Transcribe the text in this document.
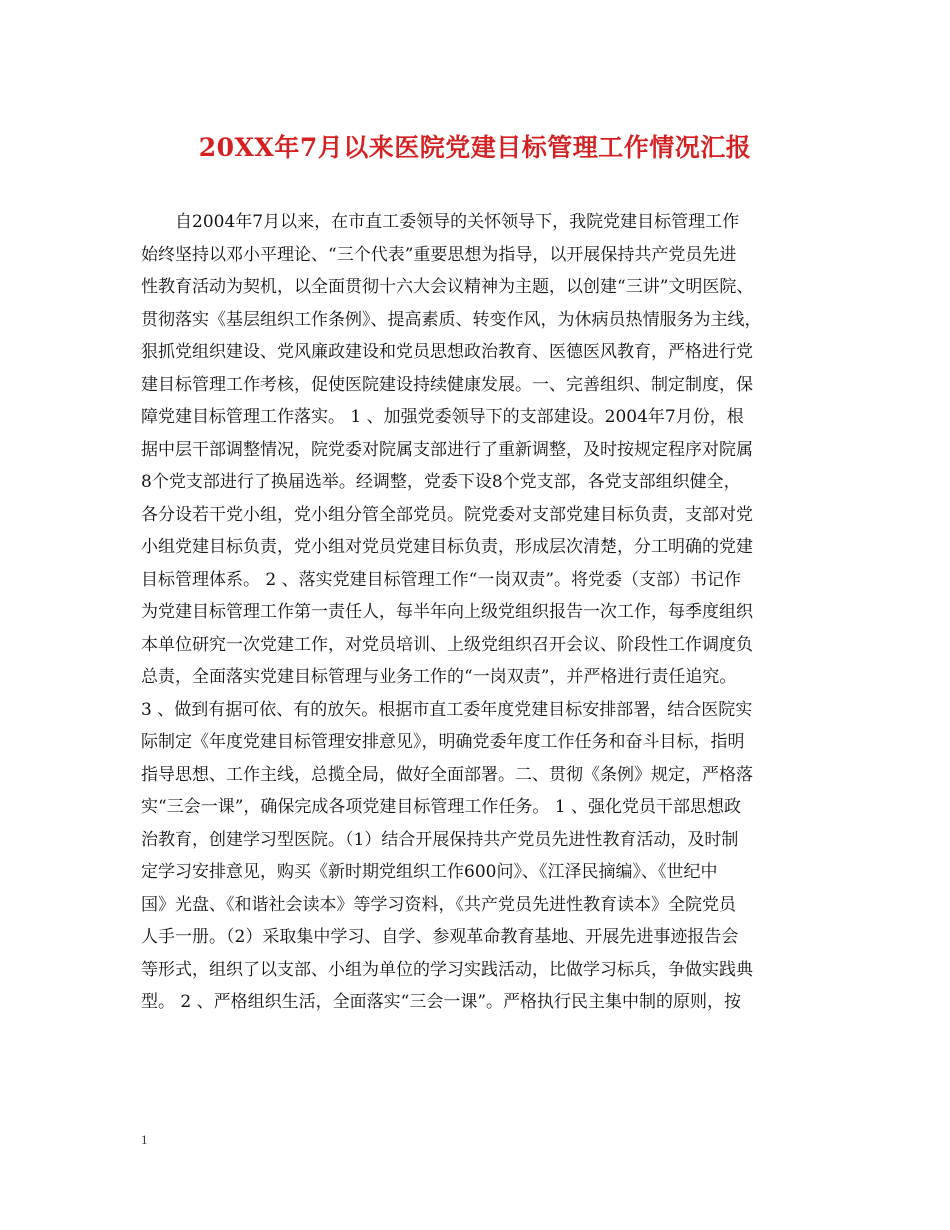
20XX年7月以来医院党建目标管理工作情况汇报
自2004年7月以来，在市直工委领导的关怀领导下，我院党建目标管理工作
始终坚持以邓小平理论、“三个代表”重要思想为指导，以开展保持共产党员先进
性教育活动为契机，以全面贯彻十六大会议精神为主题，以创建“三讲”文明医院、
贯彻落实《基层组织工作条例》、提高素质、转变作风，为休病员热情服务为主线，
狠抓党组织建设、党风廉政建设和党员思想政治教育、医德医风教育，严格进行党
建目标管理工作考核，促使医院建设持续健康发展。一、完善组织、制定制度，保
障党建目标管理工作落实。 1 、加强党委领导下的支部建设。2004年7月份，根
据中层干部调整情况，院党委对院属支部进行了重新调整，及时按规定程序对院属
8个党支部进行了换届选举。经调整，党委下设8个党支部，各党支部组织健全，
各分设若干党小组，党小组分管全部党员。院党委对支部党建目标负责，支部对党
小组党建目标负责，党小组对党员党建目标负责，形成层次清楚，分工明确的党建
目标管理体系。 2 、落实党建目标管理工作“一岗双责”。将党委（支部）书记作
为党建目标管理工作第一责任人，每半年向上级党组织报告一次工作，每季度组织
本单位研究一次党建工作，对党员培训、上级党组织召开会议、阶段性工作调度负
总责，全面落实党建目标管理与业务工作的“一岗双责”，并严格进行责任追究。
3 、做到有据可依、有的放矢。根据市直工委年度党建目标安排部署，结合医院实
际制定《年度党建目标管理安排意见》，明确党委年度工作任务和奋斗目标，指明
指导思想、工作主线，总揽全局，做好全面部署。二、贯彻《条例》规定，严格落
实“三会一课”，确保完成各项党建目标管理工作任务。 1 、强化党员干部思想政
治教育，创建学习型医院。（1）结合开展保持共产党员先进性教育活动，及时制
定学习安排意见，购买《新时期党组织工作600问》、《江泽民摘编》、《世纪中
国》光盘、《和谐社会读本》等学习资料，《共产党员先进性教育读本》全院党员
人手一册。（2）采取集中学习、自学、参观革命教育基地、开展先进事迹报告会
等形式，组织了以支部、小组为单位的学习实践活动，比做学习标兵，争做实践典
型。 2 、严格组织生活，全面落实“三会一课”。严格执行民主集中制的原则，按
1
